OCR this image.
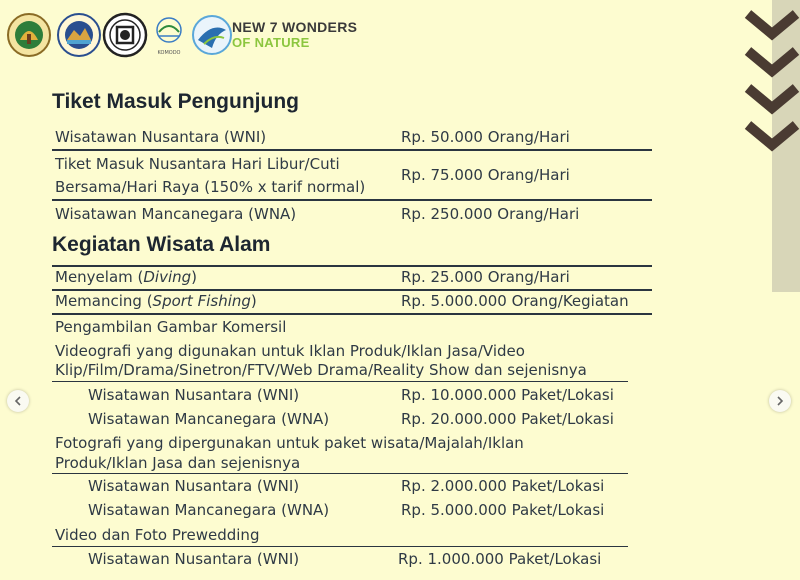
KOMODO
NEW 7 WONDERS
OF NATURE
Tiket Masuk Pengunjung
Wisatawan Nusantara (WNI)	Rp. 50.000 Orang/Hari
Tiket Masuk Nusantara Hari Libur/Cuti
Bersama/Hari Raya (150% x tarif normal)
Rp. 75.000 Orang/Hari
Wisatawan Mancanegara (WNA)	Rp. 250.000 Orang/Hari
Kegiatan Wisata Alam
Menyelam (Diving)	Rp. 25.000 Orang/Hari
Memancing (Sport Fishing)	Rp. 5.000.000 Orang/Kegiatan
Pengambilan Gambar Komersil
Videografi yang digunakan untuk Iklan Produk/Iklan Jasa/Video
Klip/Film/Drama/Sinetron/FTV/Web Drama/Reality Show dan sejenisnya
Wisatawan Nusantara (WNI)	Rp. 10.000.000 Paket/Lokasi
Wisatawan Mancanegara (WNA)	Rp. 20.000.000 Paket/Lokasi
Fotografi yang dipergunakan untuk paket wisata/Majalah/Iklan
Produk/Iklan Jasa dan sejenisnya
Wisatawan Nusantara (WNI)	Rp. 2.000.000 Paket/Lokasi
Wisatawan Mancanegara (WNA)	Rp. 5.000.000 Paket/Lokasi
Video dan Foto Prewedding
Wisatawan Nusantara (WNI)	Rp. 1.000.000 Paket/Lokasi
